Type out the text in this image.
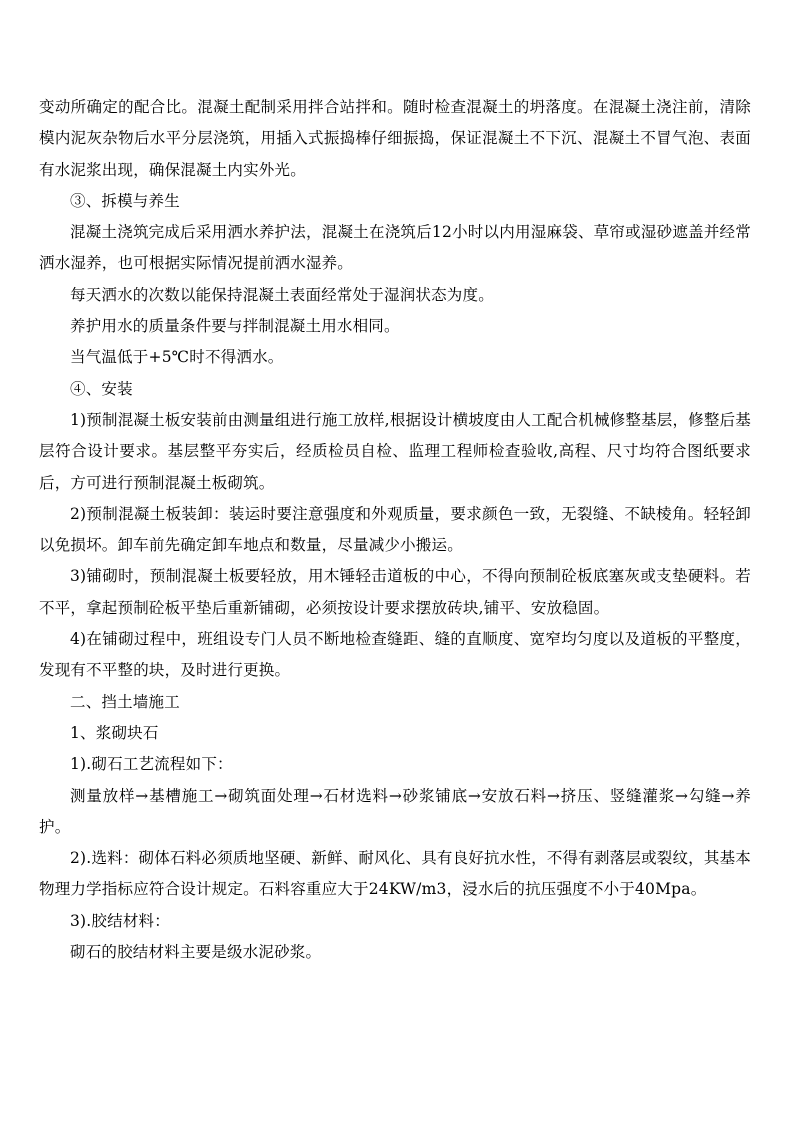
变动所确定的配合比。混凝土配制采用拌合站拌和。随时检查混凝土的坍落度。在混凝土浇注前，清除模内泥灰杂物后水平分层浇筑，用插入式振捣棒仔细振捣，保证混凝土不下沉、混凝土不冒气泡、表面有水泥浆出现，确保混凝土内实外光。

③、拆模与养生

混凝土浇筑完成后采用洒水养护法，混凝土在浇筑后12小时以内用湿麻袋、草帘或湿砂遮盖并经常洒水湿养，也可根据实际情况提前洒水湿养。

每天洒水的次数以能保持混凝土表面经常处于湿润状态为度。

养护用水的质量条件要与拌制混凝土用水相同。

当气温低于+5℃时不得洒水。

④、安装

1)预制混凝土板安装前由测量组进行施工放样,根据设计横坡度由人工配合机械修整基层，修整后基层符合设计要求。基层整平夯实后，经质检员自检、监理工程师检查验收,高程、尺寸均符合图纸要求后，方可进行预制混凝土板砌筑。

2)预制混凝土板装卸：装运时要注意强度和外观质量，要求颜色一致，无裂缝、不缺棱角。轻轻卸以免损坏。卸车前先确定卸车地点和数量，尽量减少小搬运。

3)铺砌时，预制混凝土板要轻放，用木锤轻击道板的中心，不得向预制砼板底塞灰或支垫硬料。若不平，拿起预制砼板平垫后重新铺砌，必须按设计要求摆放砖块,铺平、安放稳固。

4)在铺砌过程中，班组设专门人员不断地检查缝距、缝的直顺度、宽窄均匀度以及道板的平整度，发现有不平整的块，及时进行更换。

二、挡土墙施工

1、浆砌块石

1).砌石工艺流程如下：

测量放样→基槽施工→砌筑面处理→石材选料→砂浆铺底→安放石料→挤压、竖缝灌浆→勾缝→养护。

2).选料：砌体石料必须质地坚硬、新鲜、耐风化、具有良好抗水性，不得有剥落层或裂纹，其基本物理力学指标应符合设计规定。石料容重应大于24KW/m3，浸水后的抗压强度不小于40Mpa。

3).胶结材料：

砌石的胶结材料主要是级水泥砂浆。
